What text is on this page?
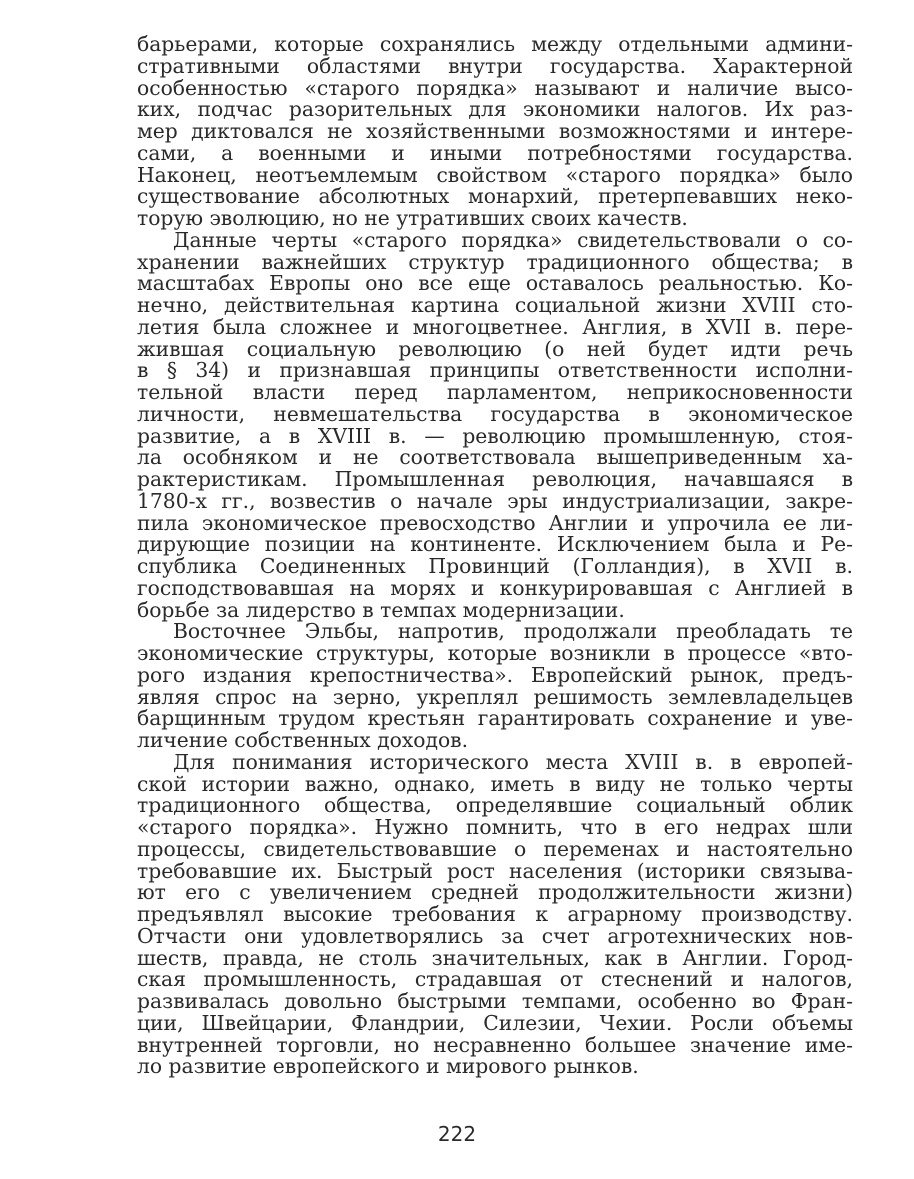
барьерами, которые сохранялись между отдельными админи-
стративными областями внутри государства. Характерной
особенностью «старого порядка» называют и наличие высо-
ких, подчас разорительных для экономики налогов. Их раз-
мер диктовался не хозяйственными возможностями и интере-
сами, а военными и иными потребностями государства.
Наконец, неотъемлемым свойством «старого порядка» было
существование абсолютных монархий, претерпевавших неко-
торую эволюцию, но не утративших своих качеств.
Данные черты «старого порядка» свидетельствовали о со-
хранении важнейших структур традиционного общества; в
масштабах Европы оно все еще оставалось реальностью. Ко-
нечно, действительная картина социальной жизни XVIII сто-
летия была сложнее и многоцветнее. Англия, в XVII в. пере-
жившая социальную революцию (о ней будет идти речь
в § 34) и признавшая принципы ответственности исполни-
тельной власти перед парламентом, неприкосновенности
личности, невмешательства государства в экономическое
развитие, а в XVIII в. — революцию промышленную, стоя-
ла особняком и не соответствовала вышеприведенным ха-
рактеристикам. Промышленная революция, начавшаяся в
1780-х гг., возвестив о начале эры индустриализации, закре-
пила экономическое превосходство Англии и упрочила ее ли-
дирующие позиции на континенте. Исключением была и Ре-
спублика Соединенных Провинций (Голландия), в XVII в.
господствовавшая на морях и конкурировавшая с Англией в
борьбе за лидерство в темпах модернизации.
Восточнее Эльбы, напротив, продолжали преобладать те
экономические структуры, которые возникли в процессе «вто-
рого издания крепостничества». Европейский рынок, предъ-
являя спрос на зерно, укреплял решимость землевладельцев
барщинным трудом крестьян гарантировать сохранение и уве-
личение собственных доходов.
Для понимания исторического места XVIII в. в европей-
ской истории важно, однако, иметь в виду не только черты
традиционного общества, определявшие социальный облик
«старого порядка». Нужно помнить, что в его недрах шли
процессы, свидетельствовавшие о переменах и настоятельно
требовавшие их. Быстрый рост населения (историки связыва-
ют его с увеличением средней продолжительности жизни)
предъявлял высокие требования к аграрному производству.
Отчасти они удовлетворялись за счет агротехнических нов-
шеств, правда, не столь значительных, как в Англии. Город-
ская промышленность, страдавшая от стеснений и налогов,
развивалась довольно быстрыми темпами, особенно во Фран-
ции, Швейцарии, Фландрии, Силезии, Чехии. Росли объемы
внутренней торговли, но несравненно большее значение име-
ло развитие европейского и мирового рынков.
222
